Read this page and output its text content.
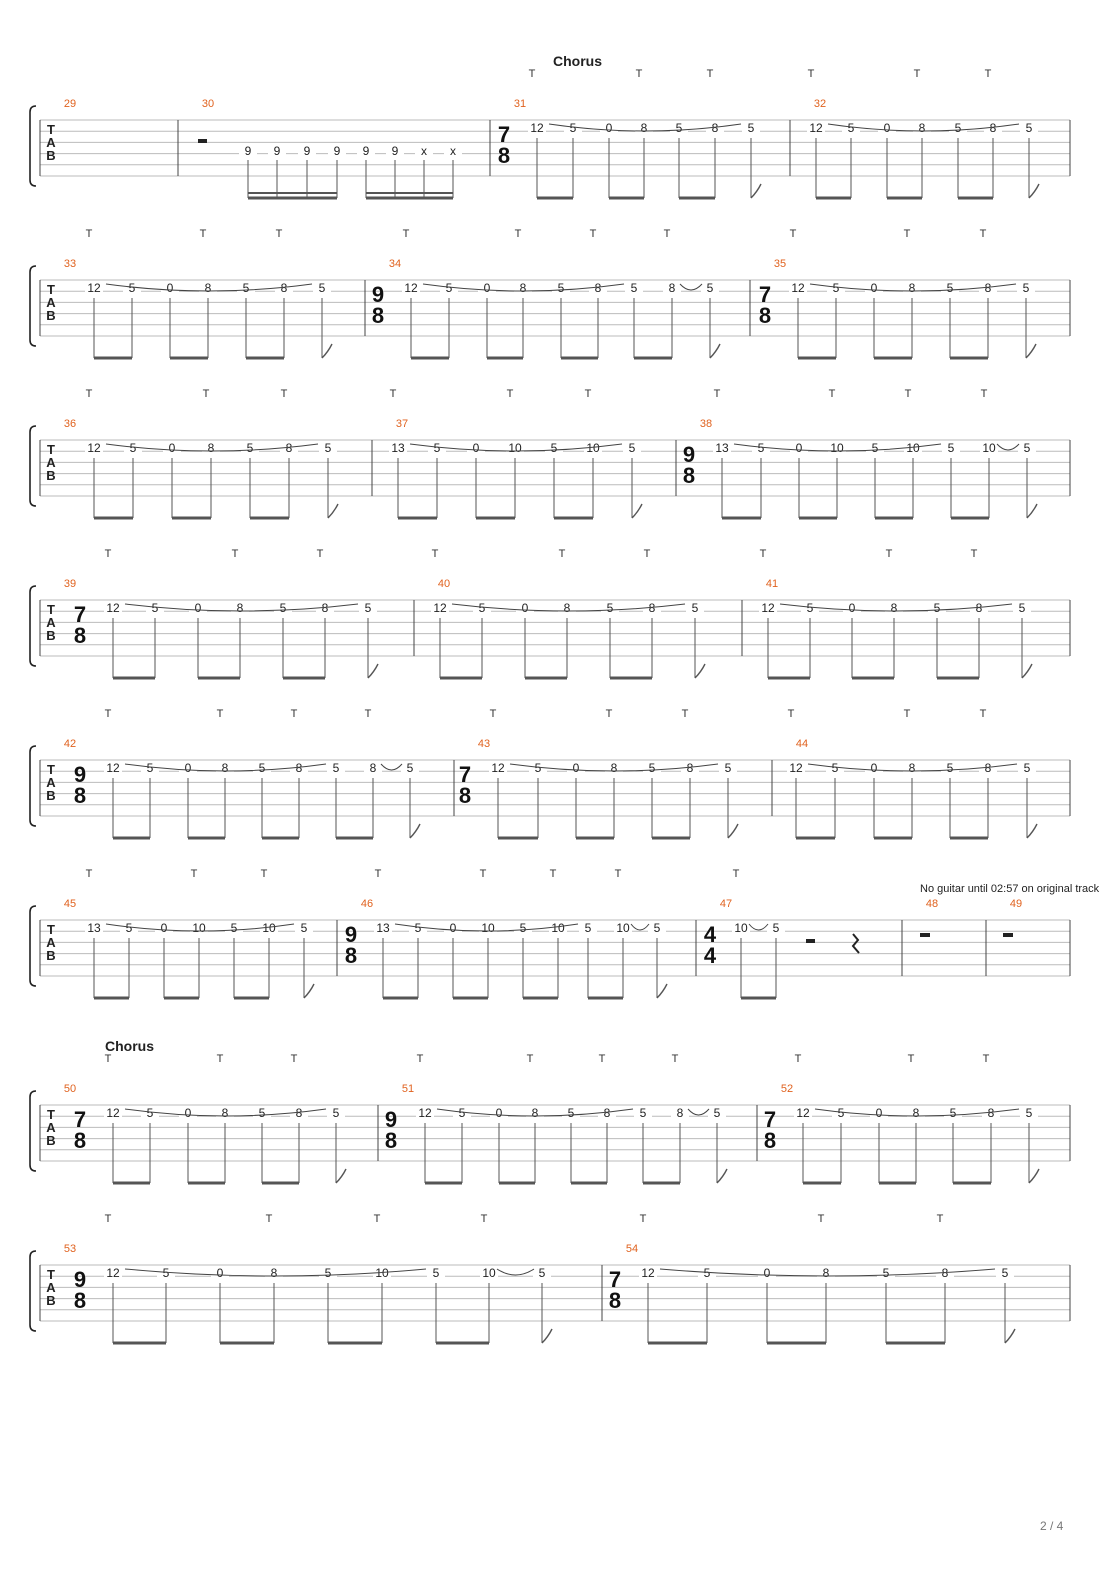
T
A
B
29	30
9 9 9 9 9 9 x x
31
Chorus
7
8
12 5 0 8 5 8 5
T	T	T
32
12 5 0 8 5 8 5
T	T	T
T
A
B
33
12 5	0	8	5	8	5
T	T	T
34
9
8
12 5	0 8	5	8 5	8	5
T	T	T	T
35
7
8
12 5	0	8	5	8	5
T	T	T
T
A
B
36
12 5	0	8	5	8	5
T	T	T
37
13 5	0 10 5 10 5
T	T	T
38
9
8
13 5	0 10 5 10 5 10 5
T	T	T	T
T
A
B
39
7
8
12	5	0	8	5	8	5
T	T	T
40
12	5	0	8	5	8	5
T	T	T
41
12	5	0	8	5	8	5
T	T	T
T
A
B
42
9
8
12 5	0	8	5	8	5	8	5
T	T	T	T
43
7
8
12 5	0	8	5	8	5
T	T	T
44
12 5	0	8	5	8	5
T	T	T
T
A
B
45
13 5 0 10 5 10 5
T	T	T
46
9
8
13 5 0 10 5 10 5 10 5
T	T	T	T
47
4
4
10 5
T
48	49
T
A
B
50
Chorus
7
8
12 5	0	8	5	8	5
T	T	T
51
9
8
12 5	0 8 5 8 5	8	5
T	T	T	T
52
7
8
12 5	0	8	5	8	5
T	T	T
T
A
B
53
9
8
12	5	0	8	5	10	5	10	5
T	T	T	T
54
7
8
12	5	0	8	5	8	5
T	T	T
No guitar until 02:57 on original track
2 / 4
